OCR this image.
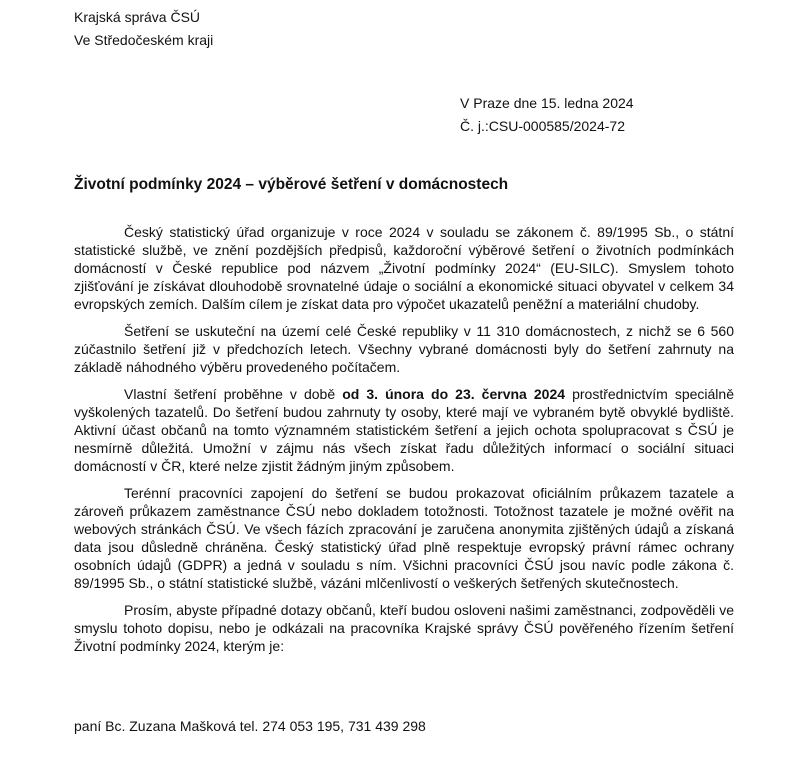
Krajská správa ČSÚ
Ve Středočeském kraji
V Praze dne 15. ledna 2024
Č. j.:CSU-000585/2024-72
Životní podmínky 2024 – výběrové šetření v domácnostech

Český statistický úřad organizuje v roce 2024 v souladu se zákonem č. 89/1995 Sb., o státní statistické službě, ve znění pozdějších předpisů, každoroční výběrové šetření o životních podmínkách domácností v České republice pod názvem „Životní podmínky 2024“ (EU-SILC). Smyslem tohoto zjišťování je získávat dlouhodobě srovnatelné údaje o sociální a ekonomické situaci obyvatel v celkem 34 evropských zemích. Dalším cílem je získat data pro výpočet ukazatelů peněžní a materiální chudoby.

Šetření se uskuteční na území celé České republiky v 11 310 domácnostech, z nichž se 6 560 zúčastnilo šetření již v předchozích letech. Všechny vybrané domácnosti byly do šetření zahrnuty na základě náhodného výběru provedeného počítačem.

Vlastní šetření proběhne v době od 3. února do 23. června 2024 prostřednictvím speciálně vyškolených tazatelů. Do šetření budou zahrnuty ty osoby, které mají ve vybraném bytě obvyklé bydliště. Aktivní účast občanů na tomto významném statistickém šetření a jejich ochota spolupracovat s ČSÚ je nesmírně důležitá. Umožní v zájmu nás všech získat řadu důležitých informací o sociální situaci domácností v ČR, které nelze zjistit žádným jiným způsobem.

Terénní pracovníci zapojení do šetření se budou prokazovat oficiálním průkazem tazatele a zároveň průkazem zaměstnance ČSÚ nebo dokladem totožnosti. Totožnost tazatele je možné ověřit na webových stránkách ČSÚ. Ve všech fázích zpracování je zaručena anonymita zjištěných údajů a získaná data jsou důsledně chráněna. Český statistický úřad plně respektuje evropský právní rámec ochrany osobních údajů (GDPR) a jedná v souladu s ním. Všichni pracovníci ČSÚ jsou navíc podle zákona č. 89/1995 Sb., o státní statistické službě, vázáni mlčenlivostí o veškerých šetřených skutečnostech.

Prosím, abyste případné dotazy občanů, kteří budou osloveni našimi zaměstnanci, zodpověděli ve smyslu tohoto dopisu, nebo je odkázali na pracovníka Krajské správy ČSÚ pověřeného řízením šetření Životní podmínky 2024, kterým je:

paní Bc. Zuzana Mašková tel. 274 053 195, 731 439 298
